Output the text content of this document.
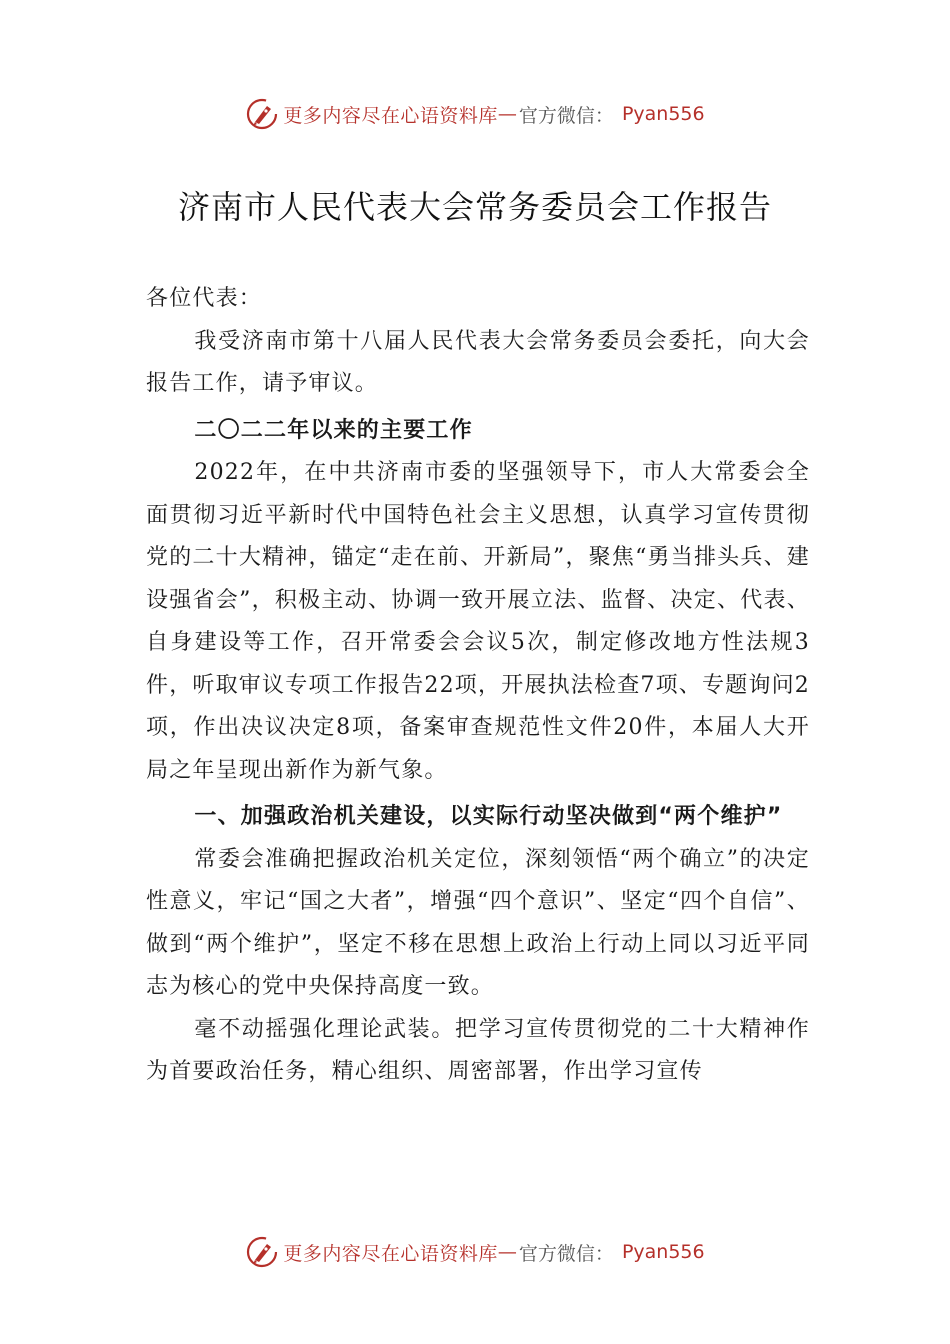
更多内容尽在心语资料库 — 官方微信： Pyan556
济南市人民代表大会常务委员会工作报告

各位代表：

我受济南市第十八届人民代表大会常务委员会委托，向大会报告工作，请予审议。

二〇二二年以来的主要工作

2022年，在中共济南市委的坚强领导下，市人大常委会全面贯彻习近平新时代中国特色社会主义思想，认真学习宣传贯彻党的二十大精神，锚定“走在前、开新局”，聚焦“勇当排头兵、建设强省会”，积极主动、协调一致开展立法、监督、决定、代表、自身建设等工作，召开常委会会议5次，制定修改地方性法规3件，听取审议专项工作报告22项，开展执法检查7项、专题询问2项，作出决议决定8项，备案审查规范性文件20件，本届人大开局之年呈现出新作为新气象。

一、加强政治机关建设，以实际行动坚决做到“两个维护”

常委会准确把握政治机关定位，深刻领悟“两个确立”的决定性意义，牢记“国之大者”，增强“四个意识”、坚定“四个自信”、做到“两个维护”，坚定不移在思想上政治上行动上同以习近平同志为核心的党中央保持高度一致。

毫不动摇强化理论武装。把学习宣传贯彻党的二十大精神作为首要政治任务，精心组织、周密部署，作出学习宣传

更多内容尽在心语资料库 — 官方微信： Pyan556
